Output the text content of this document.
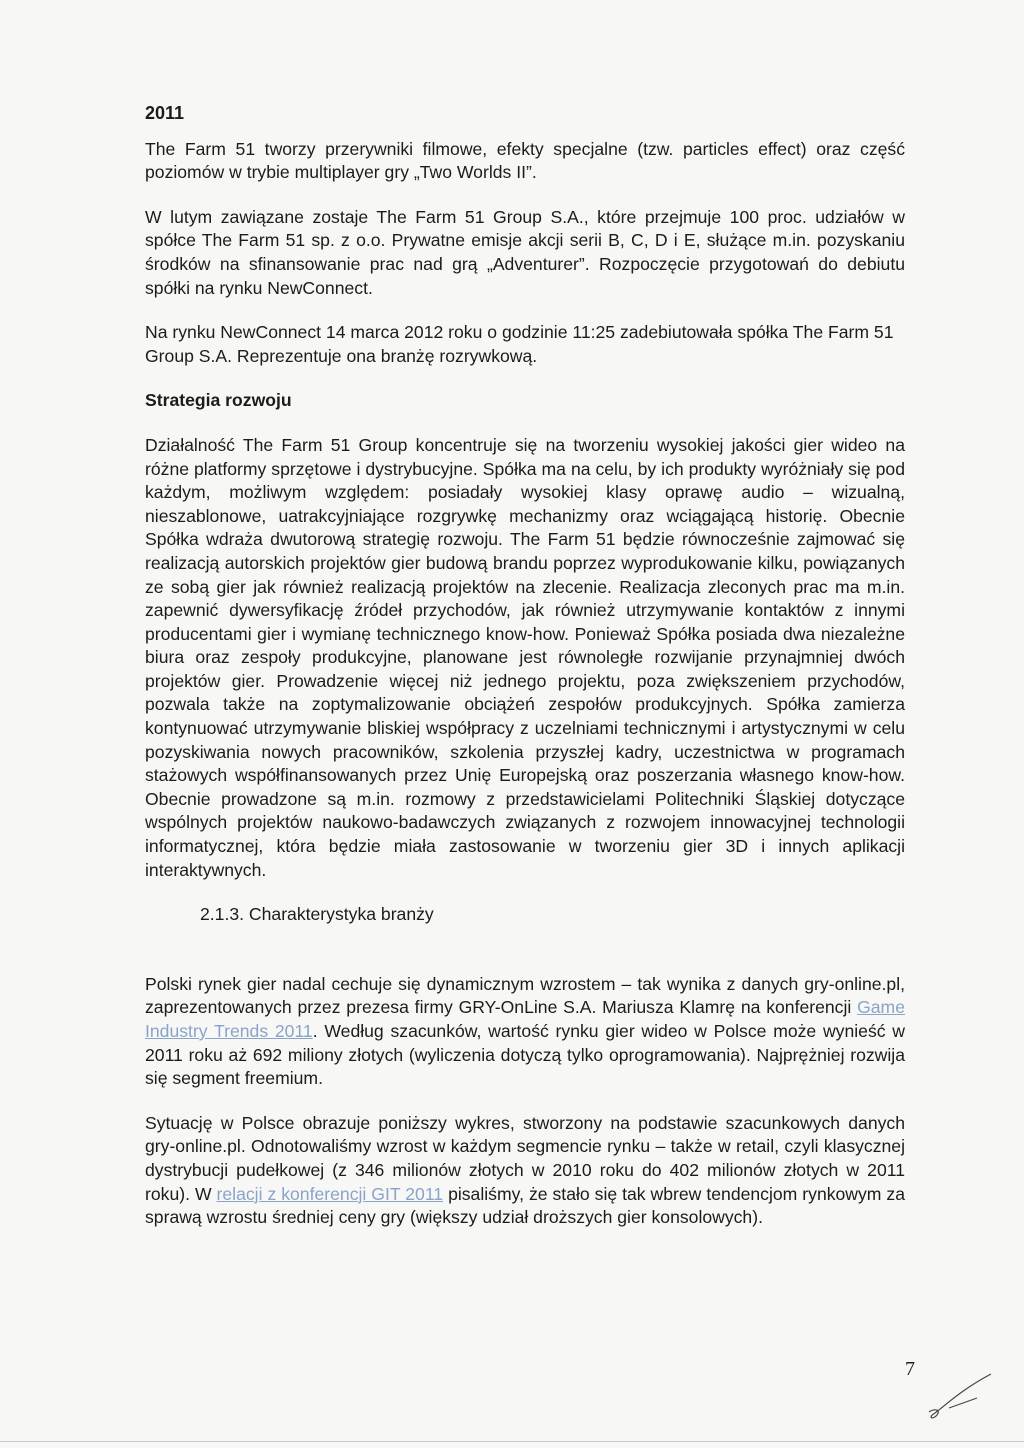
2011

The Farm 51 tworzy przerywniki filmowe, efekty specjalne (tzw. particles effect) oraz część poziomów w trybie multiplayer gry „Two Worlds II”.

W lutym zawiązane zostaje The Farm 51 Group S.A., które przejmuje 100 proc. udziałów w spółce The Farm 51 sp. z o.o. Prywatne emisje akcji serii B, C, D i E, służące m.in. pozyskaniu środków na sfinansowanie prac nad grą „Adventurer”. Rozpoczęcie przygotowań do debiutu spółki na rynku NewConnect.

Na rynku NewConnect 14 marca 2012 roku o godzinie 11:25 zadebiutowała spółka The Farm 51 Group S.A. Reprezentuje ona branżę rozrywkową.

Strategia rozwoju

Działalność The Farm 51 Group koncentruje się na tworzeniu wysokiej jakości gier wideo na różne platformy sprzętowe i dystrybucyjne. Spółka ma na celu, by ich produkty wyróżniały się pod każdym, możliwym względem: posiadały wysokiej klasy oprawę audio – wizualną, nieszablonowe, uatrakcyjniające rozgrywkę mechanizmy oraz wciągającą historię. Obecnie Spółka wdraża dwutorową strategię rozwoju. The Farm 51 będzie równocześnie zajmować się realizacją autorskich projektów gier budową brandu poprzez wyprodukowanie kilku, powiązanych ze sobą gier jak również realizacją projektów na zlecenie. Realizacja zleconych prac ma m.in. zapewnić dywersyfikację źródeł przychodów, jak również utrzymywanie kontaktów z innymi producentami gier i wymianę technicznego know-how. Ponieważ Spółka posiada dwa niezależne biura oraz zespoły produkcyjne, planowane jest równoległe rozwijanie przynajmniej dwóch projektów gier. Prowadzenie więcej niż jednego projektu, poza zwiększeniem przychodów, pozwala także na zoptymalizowanie obciążeń zespołów produkcyjnych. Spółka zamierza kontynuować utrzymywanie bliskiej współpracy z uczelniami technicznymi i artystycznymi w celu pozyskiwania nowych pracowników, szkolenia przyszłej kadry, uczestnictwa w programach stażowych współfinansowanych przez Unię Europejską oraz poszerzania własnego know-how. Obecnie prowadzone są m.in. rozmowy z przedstawicielami Politechniki Śląskiej dotyczące wspólnych projektów naukowo-badawczych związanych z rozwojem innowacyjnej technologii informatycznej, która będzie miała zastosowanie w tworzeniu gier 3D i innych aplikacji interaktywnych.

2.1.3. Charakterystyka branży

Polski rynek gier nadal cechuje się dynamicznym wzrostem – tak wynika z danych gry-online.pl, zaprezentowanych przez prezesa firmy GRY-OnLine S.A. Mariusza Klamrę na konferencji Game Industry Trends 2011. Według szacunków, wartość rynku gier wideo w Polsce może wynieść w 2011 roku aż 692 miliony złotych (wyliczenia dotyczą tylko oprogramowania). Najprężniej rozwija się segment freemium.

Sytuację w Polsce obrazuje poniższy wykres, stworzony na podstawie szacunkowych danych gry-online.pl. Odnotowaliśmy wzrost w każdym segmencie rynku – także w retail, czyli klasycznej dystrybucji pudełkowej (z 346 milionów złotych w 2010 roku do 402 milionów złotych w 2011 roku). W relacji z konferencji GIT 2011 pisaliśmy, że stało się tak wbrew tendencjom rynkowym za sprawą wzrostu średniej ceny gry (większy udział droższych gier konsolowych).

7
